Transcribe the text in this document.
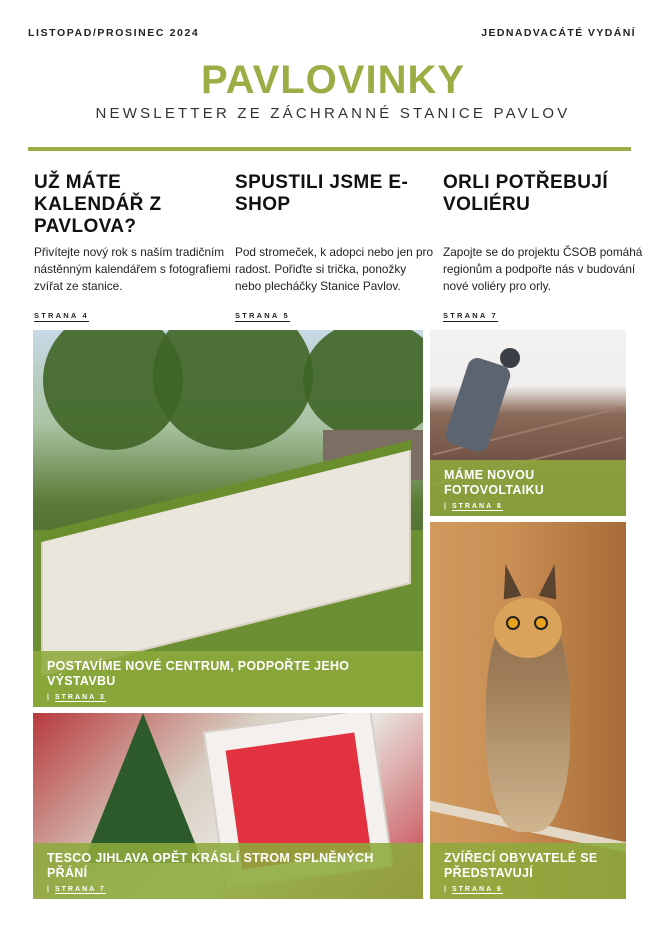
LISTOPAD/PROSINEC 2024	JEDNADVACÁTÉ VYDÁNÍ
PAVLOVINKY
NEWSLETTER ZE ZÁCHRANNÉ STANICE PAVLOV
UŽ MÁTE KALENDÁŘ Z PAVLOVA?

Přivítejte nový rok s naším tradičním nástěnným kalendářem s fotografiemi zvířat ze stanice.

STRANA 4
SPUSTILI JSME E-SHOP

Pod stromeček, k adopci nebo jen pro radost. Pořiďte si trička, ponožky nebo plecháčky Stanice Pavlov.

STRANA 5
ORLI POTŘEBUJÍ VOLIÉRU

Zapojte se do projektu ČSOB pomáhá regionům a podpořte nás v budování nové voliéry pro orly.

STRANA 7
POSTAVÍME NOVÉ CENTRUM, PODPOŘTE JEHO VÝSTAVBU
| STRANA 3
TESCO JIHLAVA OPĚT KRÁSLÍ STROM SPLNĚNÝCH PŘÁNÍ
| STRANA 7
MÁME NOVOU FOTOVOLTAIKU
| STRANA 8
ZVÍŘECÍ OBYVATELÉ SE PŘEDSTAVUJÍ
| STRANA 9
